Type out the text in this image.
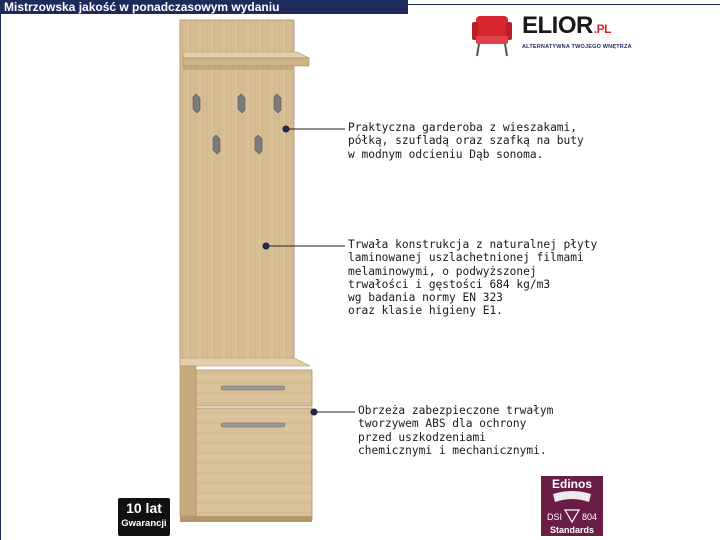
Mistrzowska jakość w ponadczasowym wydaniu
ELIOR.PL
ALTERNATYWNA TWOJEGO WNĘTRZA
Praktyczna garderoba z wieszakami,
półką, szufladą oraz szafką na buty
w modnym odcieniu Dąb sonoma.
Trwała konstrukcja z naturalnej płyty
laminowanej uszlachetnionej filmami
melaminowymi, o podwyższonej
trwałości i gęstości 684 kg/m3
wg badania normy EN 323
oraz klasie higieny E1.
Obrzeża zabezpieczone trwałym
tworzywem ABS dla ochrony
przed uszkodzeniami
chemicznymi i mechanicznymi.
10 lat
Gwarancji
Edinos
DSI 804
Standards
